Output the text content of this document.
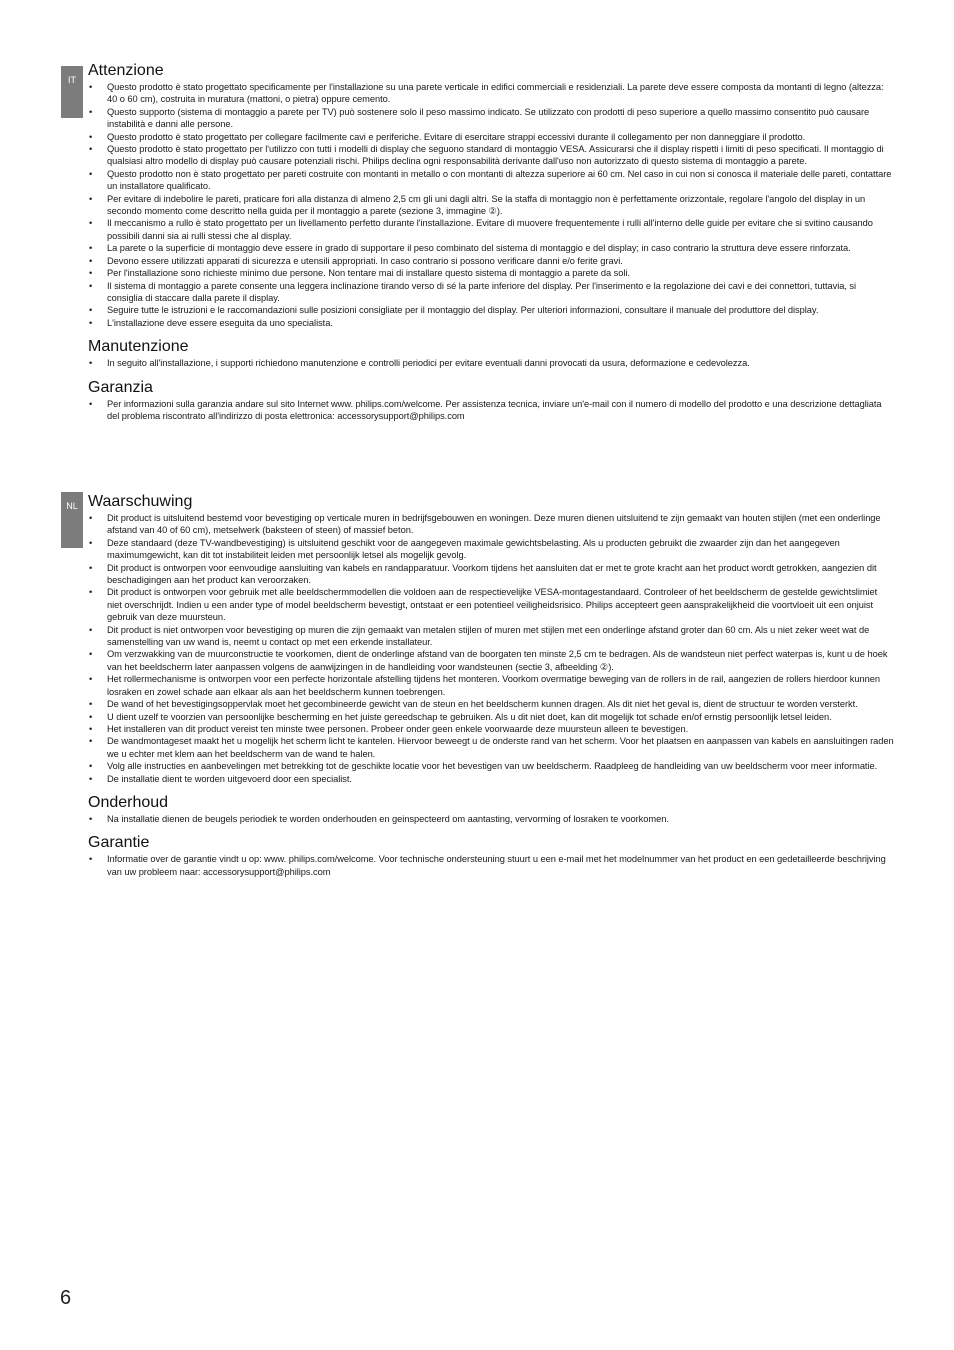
IT
NL
Attenzione
• Questo prodotto è stato progettato specificamente per l'installazione su una parete verticale in edifici commerciali e residenziali. La parete deve essere composta da montanti di legno (altezza: 40 o 60 cm), costruita in muratura (mattoni, o pietra) oppure cemento.
• Questo supporto (sistema di montaggio a parete per TV) può sostenere solo il peso massimo indicato. Se utilizzato con prodotti di peso superiore a quello massimo consentito può causare instabilità e danni alle persone.
• Questo prodotto è stato progettato per collegare facilmente cavi e periferiche. Evitare di esercitare strappi eccessivi durante il collegamento per non danneggiare il prodotto.
• Questo prodotto è stato progettato per l'utilizzo con tutti i modelli di display che seguono standard di montaggio VESA. Assicurarsi che il display rispetti i limiti di peso specificati. Il montaggio di qualsiasi altro modello di display può causare potenziali rischi. Philips declina ogni responsabilità derivante dall'uso non autorizzato di questo sistema di montaggio a parete.
• Questo prodotto non è stato progettato per pareti costruite con montanti in metallo o con montanti di altezza superiore ai 60 cm. Nel caso in cui non si conosca il materiale delle pareti, contattare un installatore qualificato.
• Per evitare di indebolire le pareti, praticare fori alla distanza di almeno 2,5 cm gli uni dagli altri. Se la staffa di montaggio non è perfettamente orizzontale, regolare l'angolo del display in un secondo momento come descritto nella guida per il montaggio a parete (sezione 3, immagine ②).
• Il meccanismo a rullo è stato progettato per un livellamento perfetto durante l'installazione. Evitare di muovere frequentemente i rulli all'interno delle guide per evitare che si svitino causando possibili danni sia ai rulli stessi che al display.
• La parete o la superficie di montaggio deve essere in grado di supportare il peso combinato del sistema di montaggio e del display; in caso contrario la struttura deve essere rinforzata.
• Devono essere utilizzati apparati di sicurezza e utensili appropriati. In caso contrario si possono verificare danni e/o ferite gravi.
• Per l'installazione sono richieste minimo due persone. Non tentare mai di installare questo sistema di montaggio a parete da soli.
• Il sistema di montaggio a parete consente una leggera inclinazione tirando verso di sé la parte inferiore del display. Per l'inserimento e la regolazione dei cavi e dei connettori, tuttavia, si consiglia di staccare dalla parete il display.
• Seguire tutte le istruzioni e le raccomandazioni sulle posizioni consigliate per il montaggio del display. Per ulteriori informazioni, consultare il manuale del produttore del display.
• L'installazione deve essere eseguita da uno specialista.
Manutenzione
• In seguito all'installazione, i supporti richiedono manutenzione e controlli periodici per evitare eventuali danni provocati da usura, deformazione e cedevolezza.
Garanzia
• Per informazioni sulla garanzia andare sul sito Internet www. philips.com/welcome. Per assistenza tecnica, inviare un'e-mail con il numero di modello del prodotto e una descrizione dettagliata del problema riscontrato all'indirizzo di posta elettronica: accessorysupport@philips.com
Waarschuwing
• Dit product is uitsluitend bestemd voor bevestiging op verticale muren in bedrijfsgebouwen en woningen. Deze muren dienen uitsluitend te zijn gemaakt van houten stijlen (met een onderlinge afstand van 40 of 60 cm), metselwerk (baksteen of steen) of massief beton.
• Deze standaard (deze TV-wandbevestiging) is uitsluitend geschikt voor de aangegeven maximale gewichtsbelasting. Als u producten gebruikt die zwaarder zijn dan het aangegeven maximumgewicht, kan dit tot instabiliteit leiden met persoonlijk letsel als mogelijk gevolg.
• Dit product is ontworpen voor eenvoudige aansluiting van kabels en randapparatuur. Voorkom tijdens het aansluiten dat er met te grote kracht aan het product wordt getrokken, aangezien dit beschadigingen aan het product kan veroorzaken.
• Dit product is ontworpen voor gebruik met alle beeldschermmodellen die voldoen aan de respectievelijke VESA-montagestandaard. Controleer of het beeldscherm de gestelde gewichtslimiet niet overschrijdt. Indien u een ander type of model beeldscherm bevestigt, ontstaat er een potentieel veiligheidsrisico. Philips accepteert geen aansprakelijkheid die voortvloeit uit een onjuist gebruik van deze muursteun.
• Dit product is niet ontworpen voor bevestiging op muren die zijn gemaakt van metalen stijlen of muren met stijlen met een onderlinge afstand groter dan 60 cm. Als u niet zeker weet wat de samenstelling van uw wand is, neemt u contact op met een erkende installateur.
• Om verzwakking van de muurconstructie te voorkomen, dient de onderlinge afstand van de boorgaten ten minste 2,5 cm te bedragen. Als de wandsteun niet perfect waterpas is, kunt u de hoek van het beeldscherm later aanpassen volgens de aanwijzingen in de handleiding voor wandsteunen (sectie 3, afbeelding ②).
• Het rollermechanisme is ontworpen voor een perfecte horizontale afstelling tijdens het monteren. Voorkom overmatige beweging van de rollers in de rail, aangezien de rollers hierdoor kunnen losraken en zowel schade aan elkaar als aan het beeldscherm kunnen toebrengen.
• De wand of het bevestigingsoppervlak moet het gecombineerde gewicht van de steun en het beeldscherm kunnen dragen. Als dit niet het geval is, dient de structuur te worden versterkt.
• U dient uzelf te voorzien van persoonlijke bescherming en het juiste gereedschap te gebruiken. Als u dit niet doet, kan dit mogelijk tot schade en/of ernstig persoonlijk letsel leiden.
• Het installeren van dit product vereist ten minste twee personen. Probeer onder geen enkele voorwaarde deze muursteun alleen te bevestigen.
• De wandmontageset maakt het u mogelijk het scherm licht te kantelen. Hiervoor beweegt u de onderste rand van het scherm. Voor het plaatsen en aanpassen van kabels en aansluitingen raden we u echter met klem aan het beeldscherm van de wand te halen.
• Volg alle instructies en aanbevelingen met betrekking tot de geschikte locatie voor het bevestigen van uw beeldscherm. Raadpleeg de handleiding van uw beeldscherm voor meer informatie.
• De installatie dient te worden uitgevoerd door een specialist.
Onderhoud
• Na installatie dienen de beugels periodiek te worden onderhouden en geinspecteerd om aantasting, vervorming of losraken te voorkomen.
Garantie
• Informatie over de garantie vindt u op: www. philips.com/welcome. Voor technische ondersteuning stuurt u een e-mail met het modelnummer van het product en een gedetailleerde beschrijving van uw probleem naar: accessorysupport@philips.com
6
